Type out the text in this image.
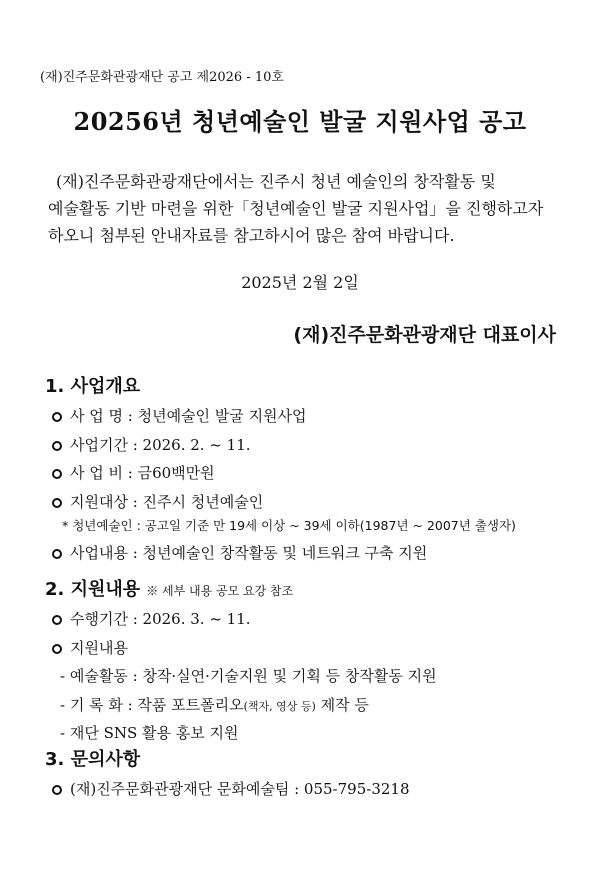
(재)진주문화관광재단 공고 제2026 - 10호
20256년 청년예술인 발굴 지원사업 공고
(재)진주문화관광재단에서는 진주시 청년 예술인의 창작활동 및
예술활동 기반 마련을 위한「청년예술인 발굴 지원사업」을 진행하고자
하오니 첨부된 안내자료를 참고하시어 많은 참여 바랍니다.
2025년 2월 2일
(재)진주문화관광재단 대표이사
1. 사업개요
사 업 명 : 청년예술인 발굴 지원사업
사업기간 : 2026. 2. ~ 11.
사 업 비 : 금60백만원
지원대상 : 진주시 청년예술인
* 청년예술인 : 공고일 기준 만 19세 이상 ~ 39세 이하(1987년 ~ 2007년 출생자)
사업내용 : 청년예술인 창작활동 및 네트워크 구축 지원
2. 지원내용 ※ 세부 내용 공모 요강 참조
수행기간 : 2026. 3. ~ 11.
지원내용
- 예술활동 : 창작·실연·기술지원 및 기획 등 창작활동 지원
- 기 록 화 : 작품 포트폴리오(책자, 영상 등) 제작 등
- 재단 SNS 활용 홍보 지원
3. 문의사항
(재)진주문화관광재단 문화예술팀 : 055-795-3218
